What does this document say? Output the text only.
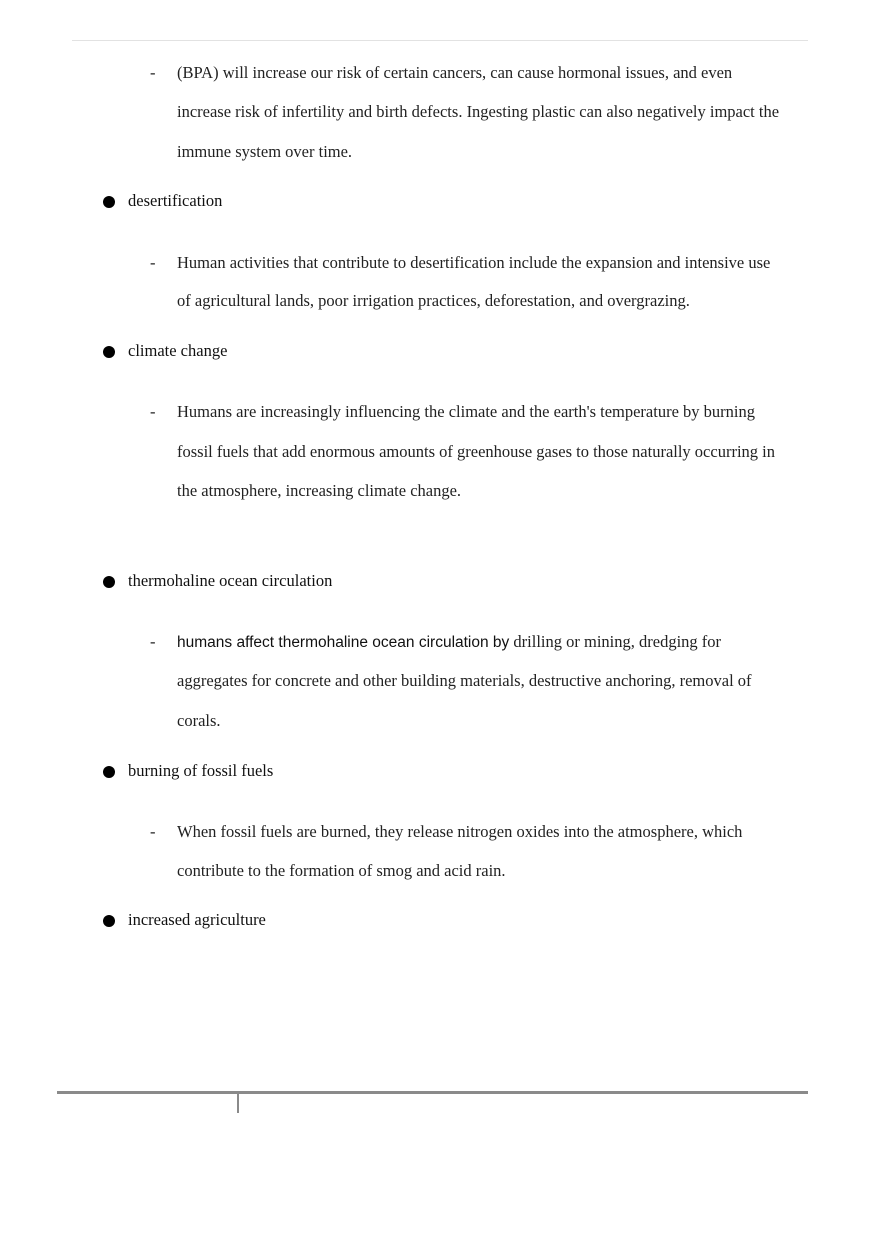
- (BPA) will increase our risk of certain cancers, can cause hormonal issues, and even
increase risk of infertility and birth defects. Ingesting plastic can also negatively impact the
immune system over time.
desertification
- Human activities that contribute to desertification include the expansion and intensive use
of agricultural lands, poor irrigation practices, deforestation, and overgrazing.
climate change
- Humans are increasingly influencing the climate and the earth's temperature by burning
fossil fuels that add enormous amounts of greenhouse gases to those naturally occurring in
the atmosphere, increasing climate change.
thermohaline ocean circulation
- humans affect thermohaline ocean circulation by drilling or mining, dredging for
aggregates for concrete and other building materials, destructive anchoring, removal of
corals.
burning of fossil fuels
- When fossil fuels are burned, they release nitrogen oxides into the atmosphere, which
contribute to the formation of smog and acid rain.
increased agriculture
